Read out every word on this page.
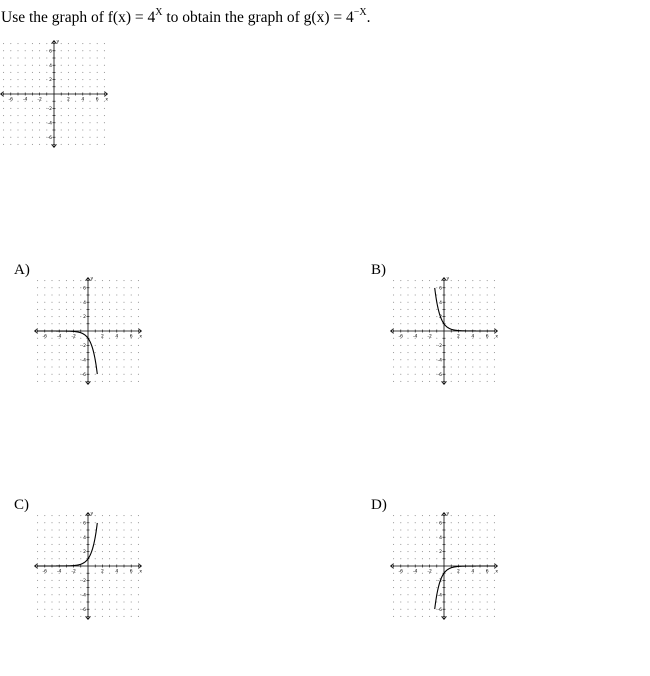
Use the graph of $f(x) = 4^X$ to obtain the graph of $g(x) = 4^{-X}$.
-6 -4 -2	2	4	6
6
4
2
-2
-4
-6
x
y
A)
-6 -4 -2	2	4	6
6
4
2
-2
-4
-6
x
y
B)
-6 -4 -2	2	4	6
6
4
2
-2
-4
-6
x
y
C)
-6 -4 -2	2	4	6
6
4
2
-2
-4
-6
x
y
D)
-6 -4 -2	2	4	6
6
4
2
-2
-4
-6
x
y
